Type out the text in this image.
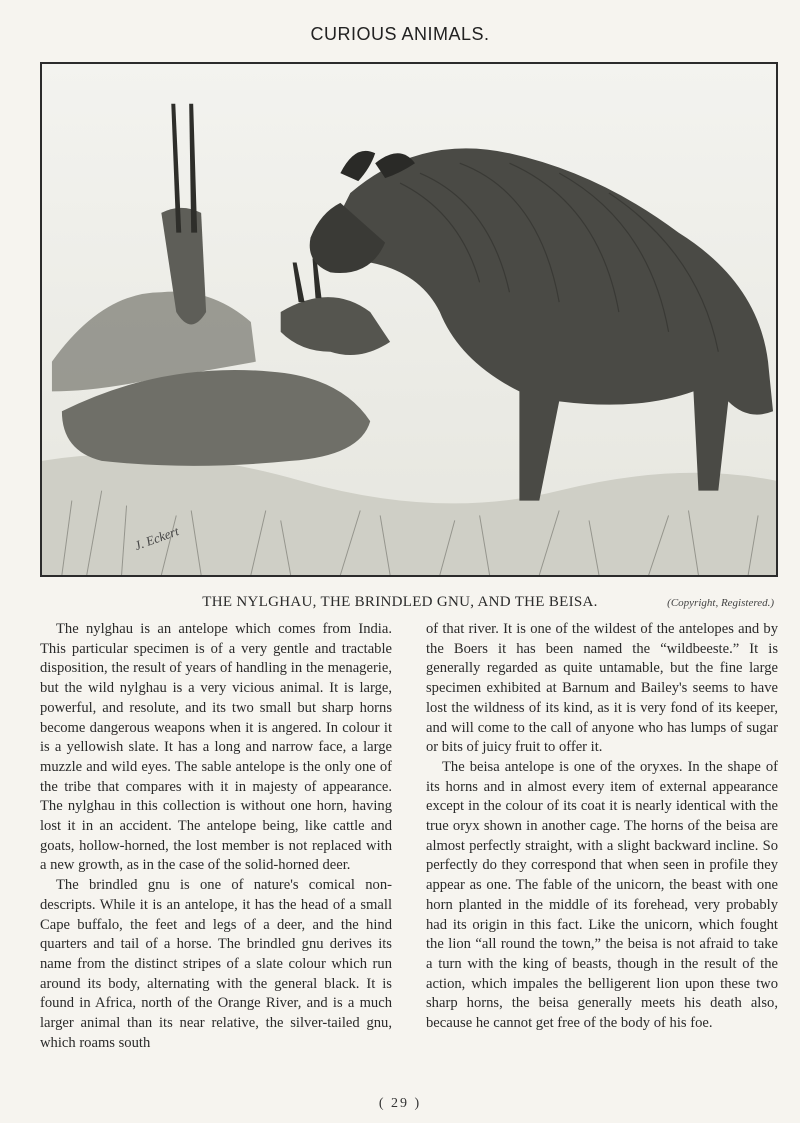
CURIOUS ANIMALS.
J. Eckert
THE NYLGHAU, THE BRINDLED GNU, AND THE BEISA.	(Copyright, Registered.)

The nylghau is an antelope which comes from India. This particular specimen is of a very gentle and tractable disposition, the result of years of handling in the menagerie, but the wild nylghau is a very vicious animal. It is large, powerful, and resolute, and its two small but sharp horns become dangerous weapons when it is angered. In colour it is a yellowish slate. It has a long and narrow face, a large muzzle and wild eyes. The sable antelope is the only one of the tribe that compares with it in majesty of appearance. The nylghau in this collection is without one horn, having lost it in an accident. The antelope being, like cattle and goats, hollow-horned, the lost member is not replaced with a new growth, as in the case of the solid-horned deer.

The brindled gnu is one of nature's comical non-descripts. While it is an antelope, it has the head of a small Cape buffalo, the feet and legs of a deer, and the hind quarters and tail of a horse. The brindled gnu derives its name from the distinct stripes of a slate colour which run around its body, alternating with the general black. It is found in Africa, north of the Orange River, and is a much larger animal than its near relative, the silver-tailed gnu, which roams south

of that river. It is one of the wildest of the antelopes and by the Boers it has been named the “wildbeeste.” It is generally regarded as quite untamable, but the fine large specimen exhibited at Barnum and Bailey's seems to have lost the wildness of its kind, as it is very fond of its keeper, and will come to the call of anyone who has lumps of sugar or bits of juicy fruit to offer it.

The beisa antelope is one of the oryxes. In the shape of its horns and in almost every item of external appearance except in the colour of its coat it is nearly identical with the true oryx shown in another cage. The horns of the beisa are almost perfectly straight, with a slight backward incline. So perfectly do they correspond that when seen in profile they appear as one. The fable of the unicorn, the beast with one horn planted in the middle of its forehead, very probably had its origin in this fact. Like the unicorn, which fought the lion “all round the town,” the beisa is not afraid to take a turn with the king of beasts, though in the result of the action, which impales the belligerent lion upon these two sharp horns, the beisa generally meets his death also, because he cannot get free of the body of his foe.

( 29 )
